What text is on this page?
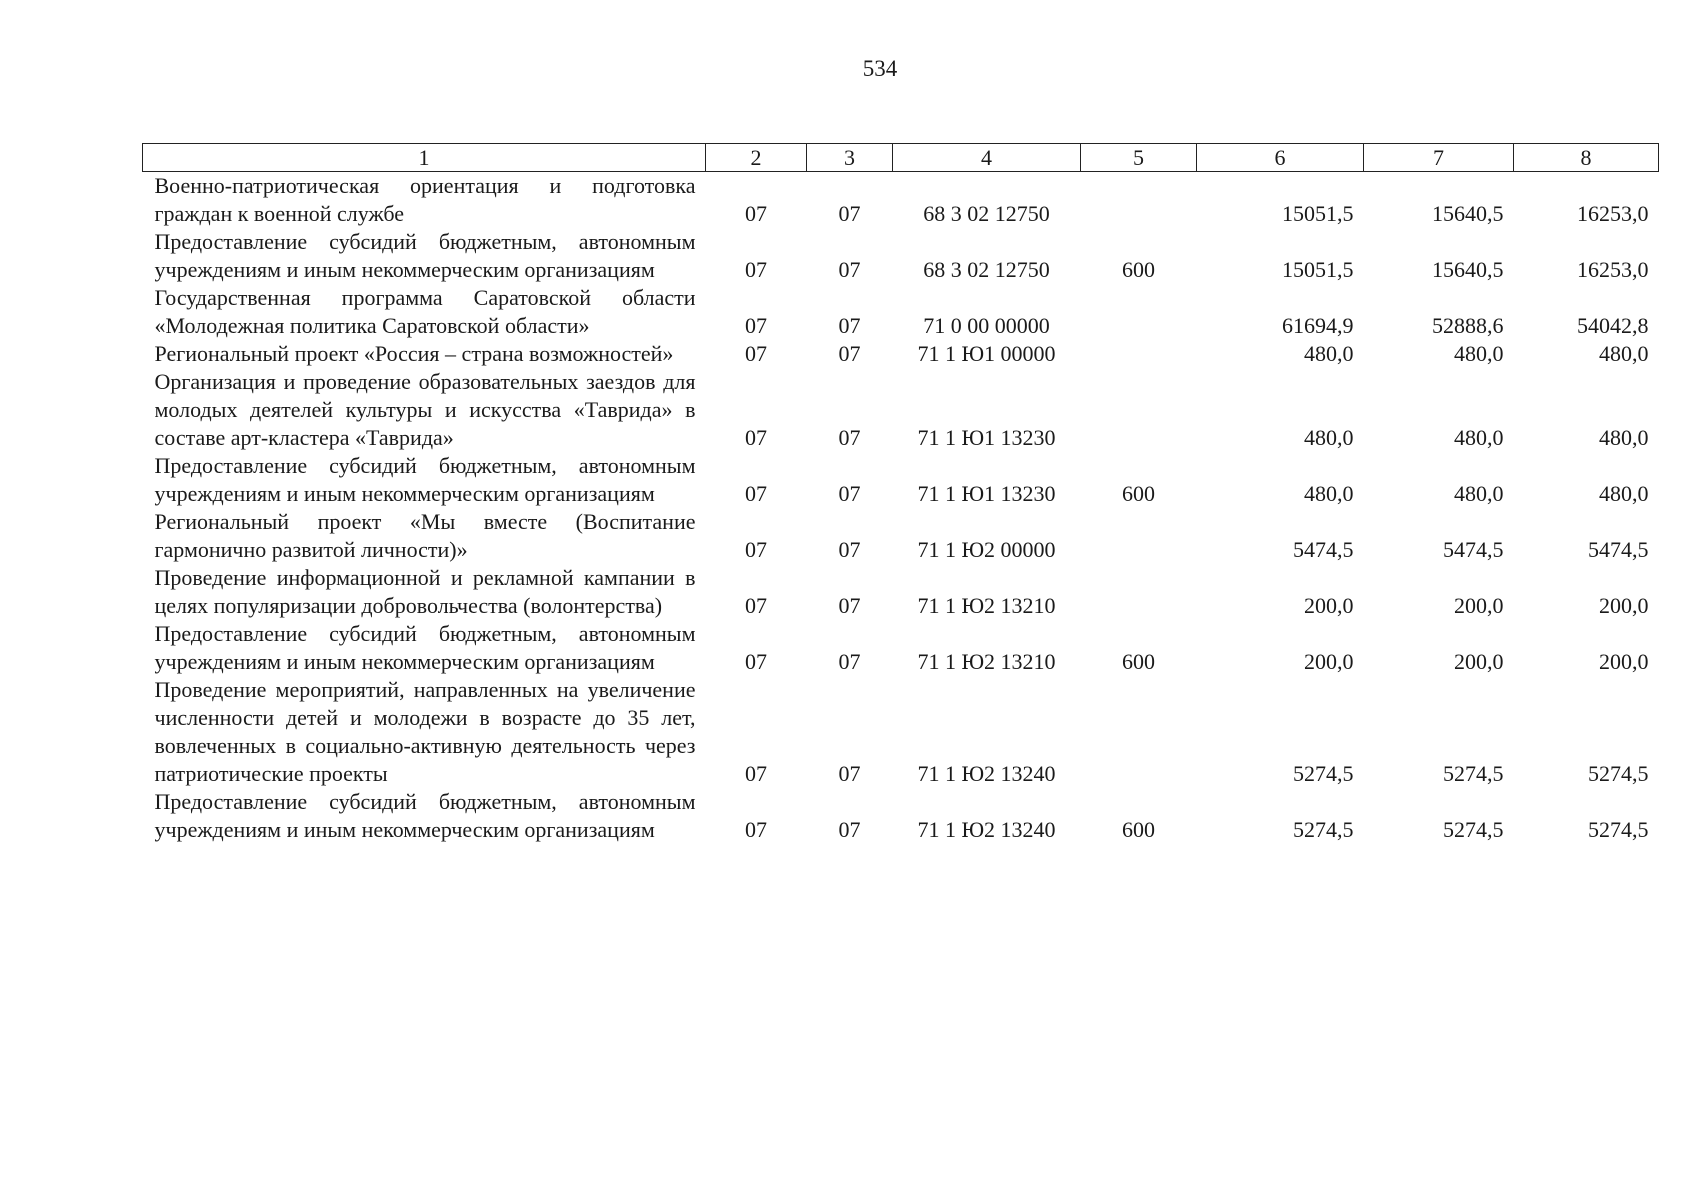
534
1	2	3	4	5	6	7	8
Военно-патриотическая ориентация и подготовка граждан к военной службе	07	07	68 3 02 12750		15051,5	15640,5	16253,0
Предоставление субсидий бюджетным, автономным учреждениям и иным некоммерческим организациям	07	07	68 3 02 12750	600	15051,5	15640,5	16253,0
Государственная программа Саратовской области «Молодежная политика Саратовской области»	07	07	71 0 00 00000		61694,9	52888,6	54042,8
Региональный проект «Россия – страна возможностей»	07	07	71 1 Ю1 00000		480,0	480,0	480,0
Организация и проведение образовательных заездов для молодых деятелей культуры и искусства «Таврида» в составе арт-кластера «Таврида»	07	07	71 1 Ю1 13230		480,0	480,0	480,0
Предоставление субсидий бюджетным, автономным учреждениям и иным некоммерческим организациям	07	07	71 1 Ю1 13230	600	480,0	480,0	480,0
Региональный проект «Мы вместе (Воспитание гармонично развитой личности)»	07	07	71 1 Ю2 00000		5474,5	5474,5	5474,5
Проведение информационной и рекламной кампании в целях популяризации добровольчества (волонтерства)	07	07	71 1 Ю2 13210		200,0	200,0	200,0
Предоставление субсидий бюджетным, автономным учреждениям и иным некоммерческим организациям	07	07	71 1 Ю2 13210	600	200,0	200,0	200,0
Проведение мероприятий, направленных на увеличение численности детей и молодежи в возрасте до 35 лет, вовлеченных в социально-активную деятельность через патриотические проекты	07	07	71 1 Ю2 13240		5274,5	5274,5	5274,5
Предоставление субсидий бюджетным, автономным учреждениям и иным некоммерческим организациям	07	07	71 1 Ю2 13240	600	5274,5	5274,5	5274,5
